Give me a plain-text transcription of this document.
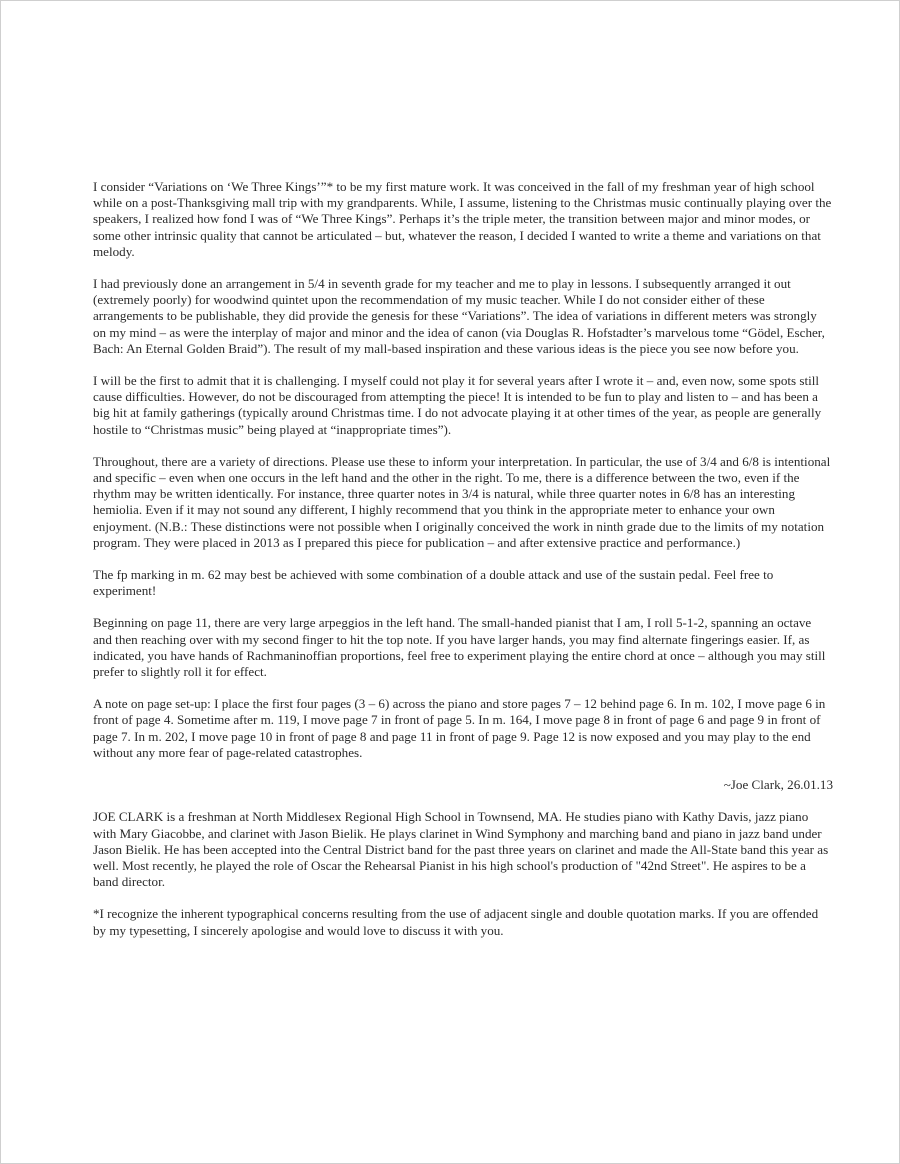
I consider “Variations on ‘We Three Kings’”* to be my first mature work. It was conceived in the fall of my freshman year of high school while on a post-Thanksgiving mall trip with my grandparents. While, I assume, listening to the Christmas music continually playing over the speakers, I realized how fond I was of “We Three Kings”. Perhaps it’s the triple meter, the transition between major and minor modes, or some other intrinsic quality that cannot be articulated – but, whatever the reason, I decided I wanted to write a theme and variations on that melody.

I had previously done an arrangement in 5/4 in seventh grade for my teacher and me to play in lessons. I subsequently arranged it out (extremely poorly) for woodwind quintet upon the recommendation of my music teacher. While I do not consider either of these arrangements to be publishable, they did provide the genesis for these “Variations”. The idea of variations in different meters was strongly on my mind – as were the interplay of major and minor and the idea of canon (via Douglas R. Hofstadter’s marvelous tome “Gödel, Escher, Bach: An Eternal Golden Braid”). The result of my mall-based inspiration and these various ideas is the piece you see now before you.

I will be the first to admit that it is challenging. I myself could not play it for several years after I wrote it – and, even now, some spots still cause difficulties. However, do not be discouraged from attempting the piece! It is intended to be fun to play and listen to – and has been a big hit at family gatherings (typically around Christmas time. I do not advocate playing it at other times of the year, as people are generally hostile to “Christmas music” being played at “inappropriate times”).

Throughout, there are a variety of directions. Please use these to inform your interpretation. In particular, the use of 3/4 and 6/8 is intentional and specific – even when one occurs in the left hand and the other in the right. To me, there is a difference between the two, even if the rhythm may be written identically. For instance, three quarter notes in 3/4 is natural, while three quarter notes in 6/8 has an interesting hemiolia. Even if it may not sound any different, I highly recommend that you think in the appropriate meter to enhance your own enjoyment. (N.B.: These distinctions were not possible when I originally conceived the work in ninth grade due to the limits of my notation program. They were placed in 2013 as I prepared this piece for publication – and after extensive practice and performance.)

The fp marking in m. 62 may best be achieved with some combination of a double attack and use of the sustain pedal. Feel free to experiment!

Beginning on page 11, there are very large arpeggios in the left hand. The small-handed pianist that I am, I roll 5-1-2, spanning an octave and then reaching over with my second finger to hit the top note. If you have larger hands, you may find alternate fingerings easier. If, as indicated, you have hands of Rachmaninoffian proportions, feel free to experiment playing the entire chord at once – although you may still prefer to slightly roll it for effect.

A note on page set-up: I place the first four pages (3 – 6) across the piano and store pages 7 – 12 behind page 6. In m. 102, I move page 6 in front of page 4. Sometime after m. 119, I move page 7 in front of page 5. In m. 164, I move page 8 in front of page 6 and page 9 in front of page 7. In m. 202, I move page 10 in front of page 8 and page 11 in front of page 9. Page 12 is now exposed and you may play to the end without any more fear of page-related catastrophes.

~Joe Clark, 26.01.13

JOE CLARK is a freshman at North Middlesex Regional High School in Townsend, MA. He studies piano with Kathy Davis, jazz piano with Mary Giacobbe, and clarinet with Jason Bielik. He plays clarinet in Wind Symphony and marching band and piano in jazz band under Jason Bielik. He has been accepted into the Central District band for the past three years on clarinet and made the All-State band this year as well. Most recently, he played the role of Oscar the Rehearsal Pianist in his high school's production of "42nd Street". He aspires to be a band director.

*I recognize the inherent typographical concerns resulting from the use of adjacent single and double quotation marks. If you are offended by my typesetting, I sincerely apologise and would love to discuss it with you.
